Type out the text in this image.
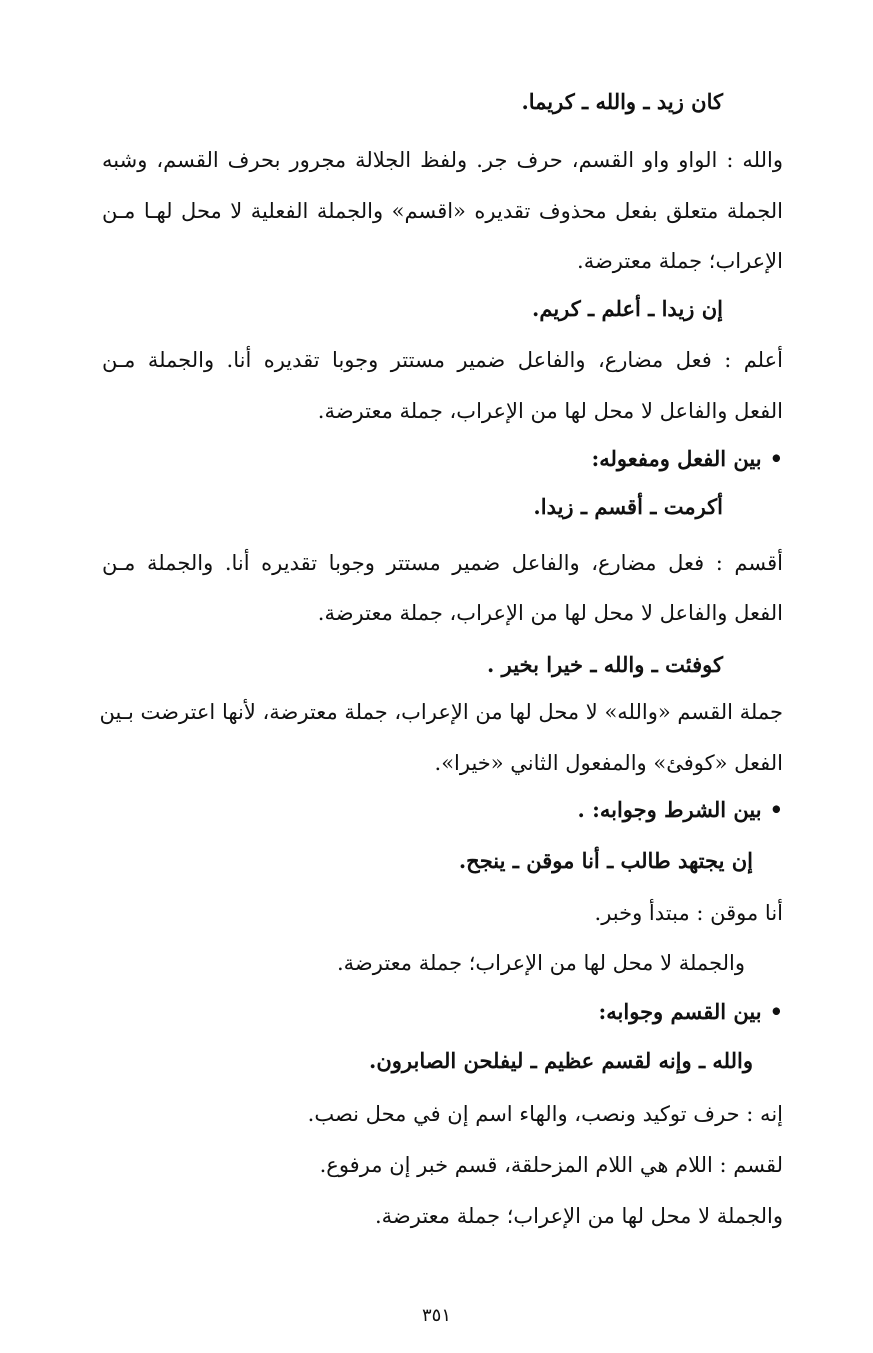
كان زيد ـ والله ـ كريما.
والله : الواو واو القسم، حرف جر. ولفظ الجلالة مجرور بحرف القسم، وشبه
الجملة متعلق بفعل محذوف تقديره «اقسم» والجملة الفعلية لا محل لهـا مـن
الإعراب؛ جملة معترضة.
إن زيدا ـ أعلم ـ كريم.
أعلم : فعل مضارع، والفاعل ضمير مستتر وجوبا تقديره أنا. والجملة مـن
الفعل والفاعل لا محل لها من الإعراب، جملة معترضة.
• بين الفعل ومفعوله:
أكرمت ـ أقسم ـ زيدا.
أقسم : فعل مضارع، والفاعل ضمير مستتر وجوبا تقديره أنا. والجملة مـن
الفعل والفاعل لا محل لها من الإعراب، جملة معترضة.
كوفئت ـ والله ـ خيرا بخير .
جملة القسم «والله» لا محل لها من الإعراب، جملة معترضة، لأنها اعترضت بـين
الفعل «كوفئ» والمفعول الثاني «خيرا».
• بين الشرط وجوابه: .
إن يجتهد طالب ـ أنا موقن ـ ينجح.
أنا موقن : مبتدأ وخبر.
والجملة لا محل لها من الإعراب؛ جملة معترضة.
• بين القسم وجوابه:
والله ـ وإنه لقسم عظيم ـ ليفلحن الصابرون.
إنه : حرف توكيد ونصب، والهاء اسم إن في محل نصب.
لقسم : اللام هي اللام المزحلقة، قسم خبر إن مرفوع.
والجملة لا محل لها من الإعراب؛ جملة معترضة.
٣٥١
